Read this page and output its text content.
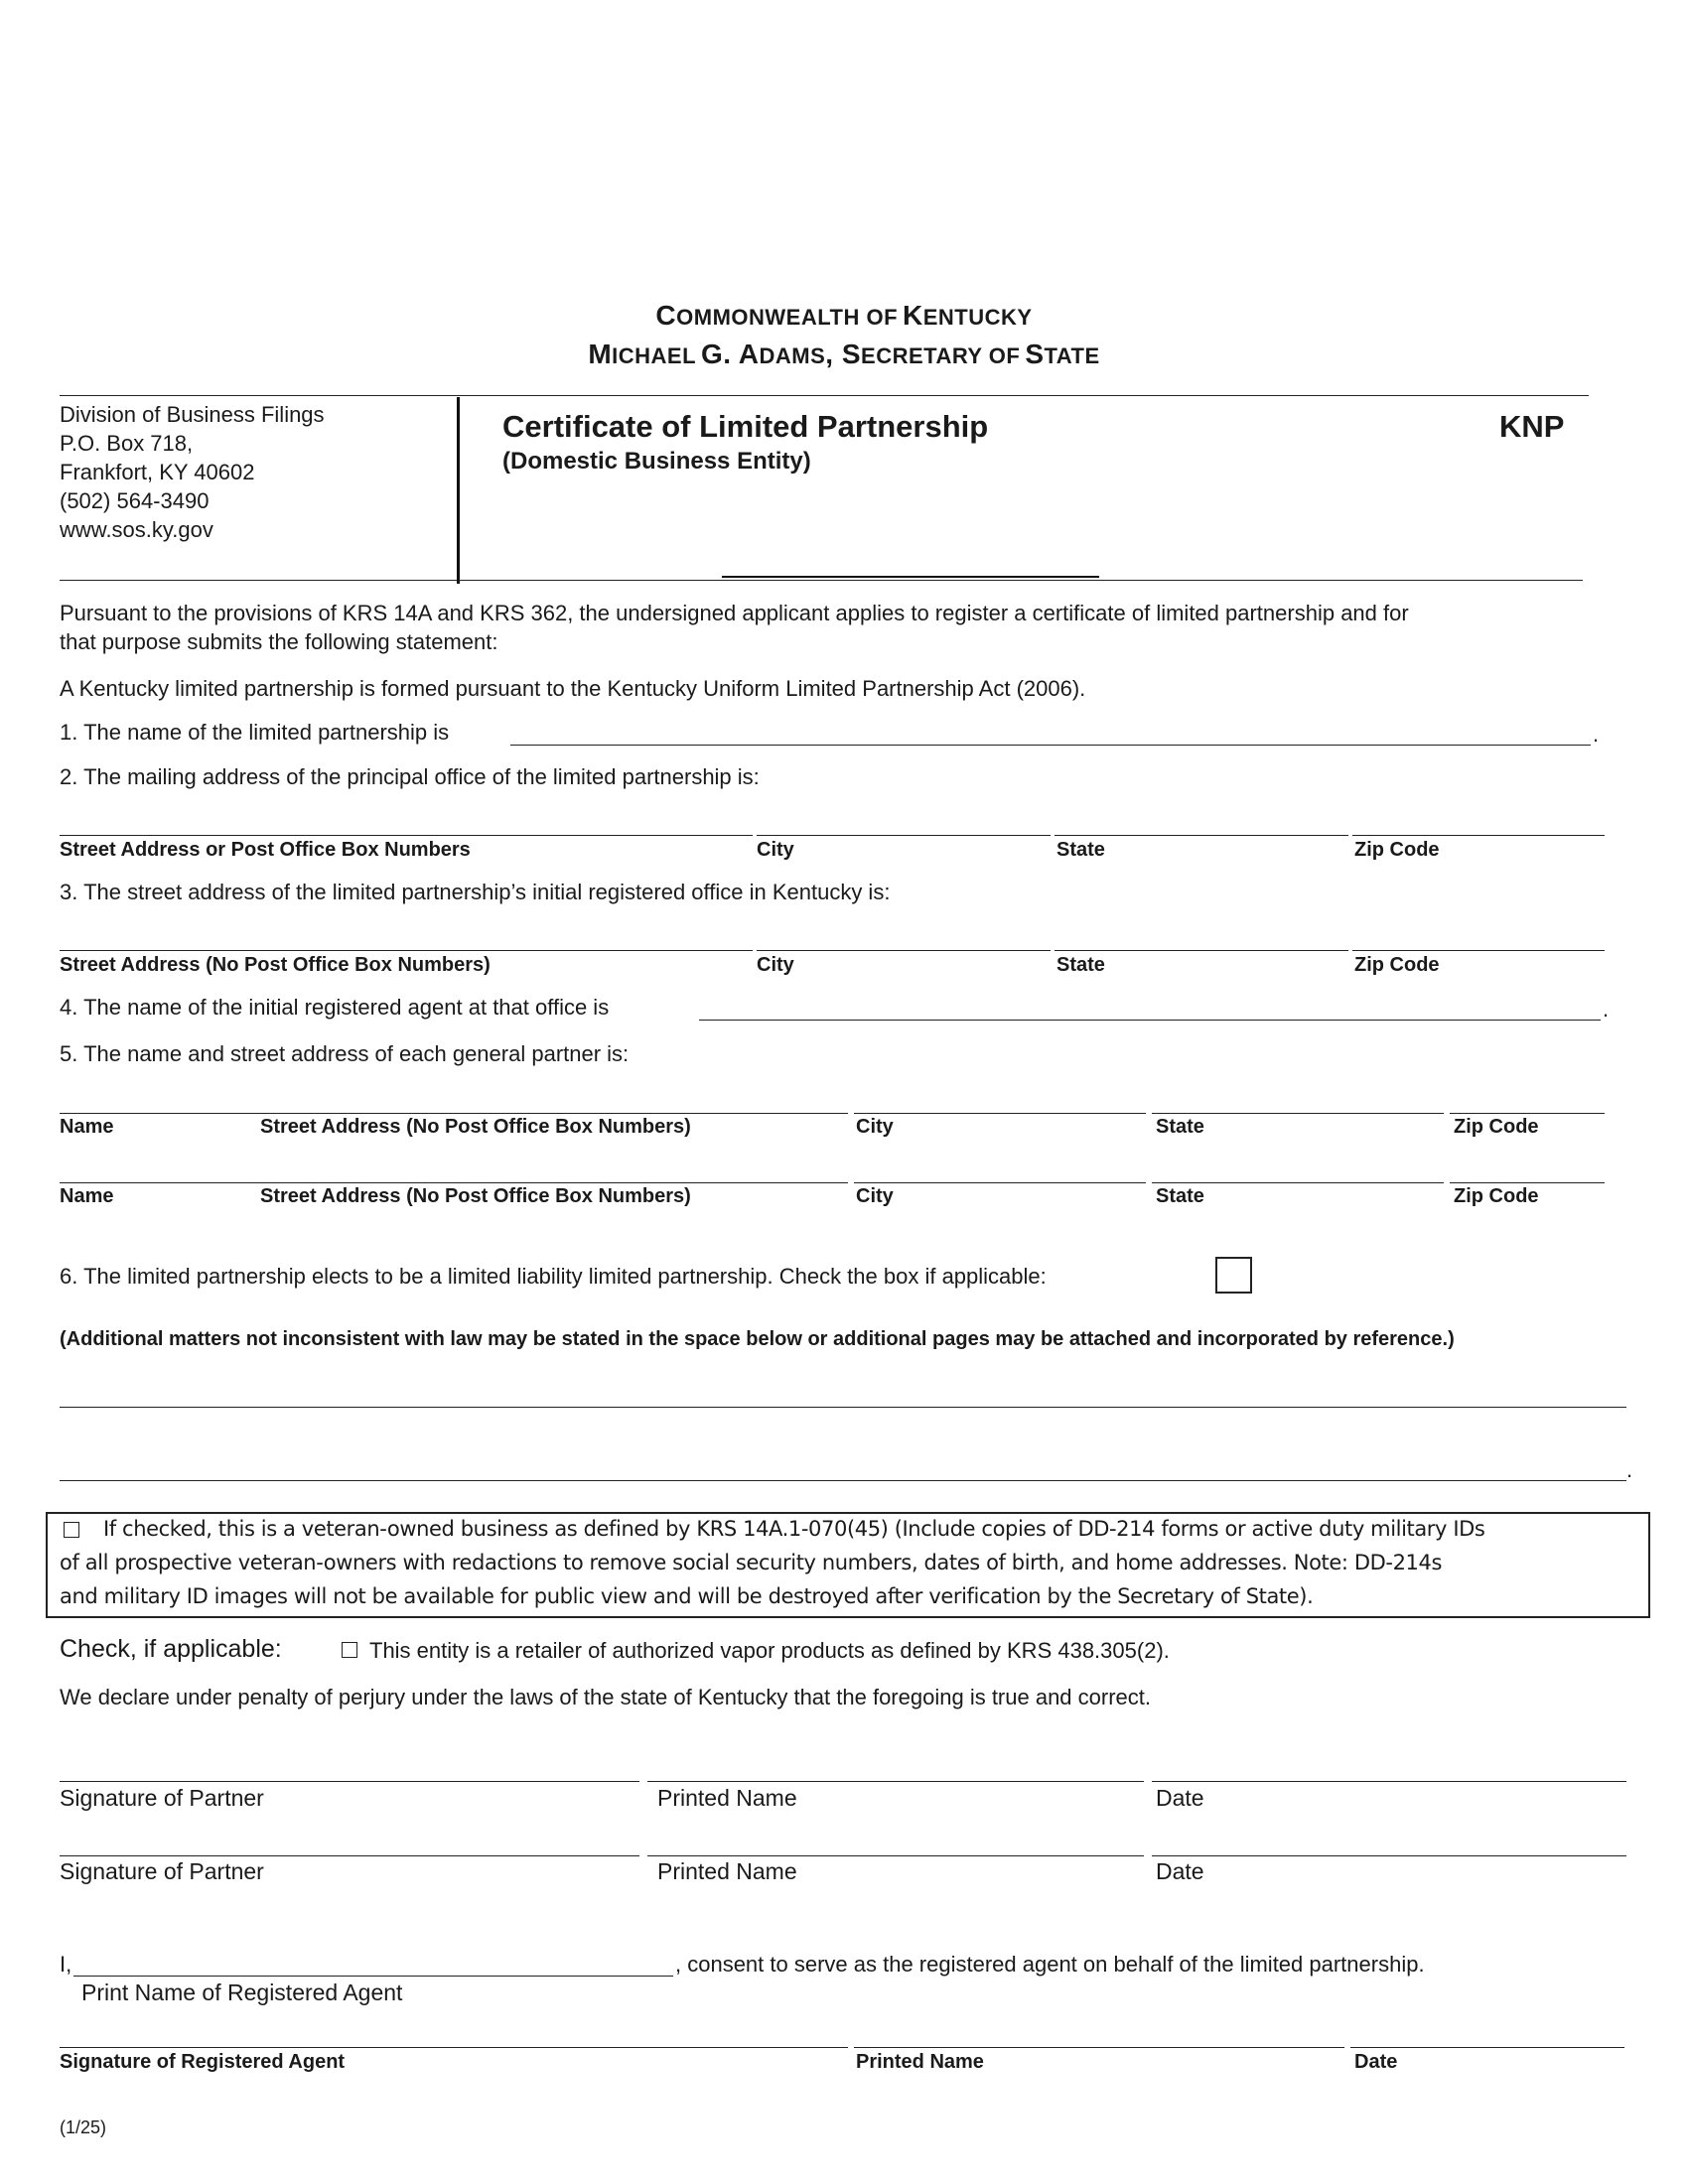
COMMONWEALTH OF KENTUCKY
MICHAEL G. ADAMS, SECRETARY OF STATE
Division of Business Filings
P.O. Box 718,
Frankfort, KY 40602
(502) 564-3490
www.sos.ky.gov
Certificate of Limited Partnership
(Domestic Business Entity)
KNP
Pursuant to the provisions of KRS 14A and KRS 362, the undersigned applicant applies to register a certificate of limited partnership and for
that purpose submits the following statement:
A Kentucky limited partnership is formed pursuant to the Kentucky Uniform Limited Partnership Act (2006).
1. The name of the limited partnership is	.
2. The mailing address of the principal office of the limited partnership is:
Street Address or Post Office Box Numbers	City	State	Zip Code
3. The street address of the limited partnership’s initial registered office in Kentucky is:
Street Address (No Post Office Box Numbers)	City	State	Zip Code
4. The name of the initial registered agent at that office is	.
5. The name and street address of each general partner is:
Name	Street Address (No Post Office Box Numbers)	City	State	Zip Code
Name	Street Address (No Post Office Box Numbers)	City	State	Zip Code
6. The limited partnership elects to be a limited liability limited partnership. Check the box if applicable:
(Additional matters not inconsistent with law may be stated in the space below or additional pages may be attached and incorporated by reference.)
.
If checked, this is a veteran-owned business as defined by KRS 14A.1-070(45) (Include copies of DD-214 forms or active duty military IDs
of all prospective veteran-owners with redactions to remove social security numbers, dates of birth, and home addresses. Note: DD-214s
and military ID images will not be available for public view and will be destroyed after verification by the Secretary of State).
Check, if applicable:	This entity is a retailer of authorized vapor products as defined by KRS 438.305(2).
We declare under penalty of perjury under the laws of the state of Kentucky that the foregoing is true and correct.
Signature of Partner	Printed Name	Date
Signature of Partner	Printed Name	Date
I,	, consent to serve as the registered agent on behalf of the limited partnership.
Print Name of Registered Agent
Signature of Registered Agent	Printed Name	Date
(1/25)
